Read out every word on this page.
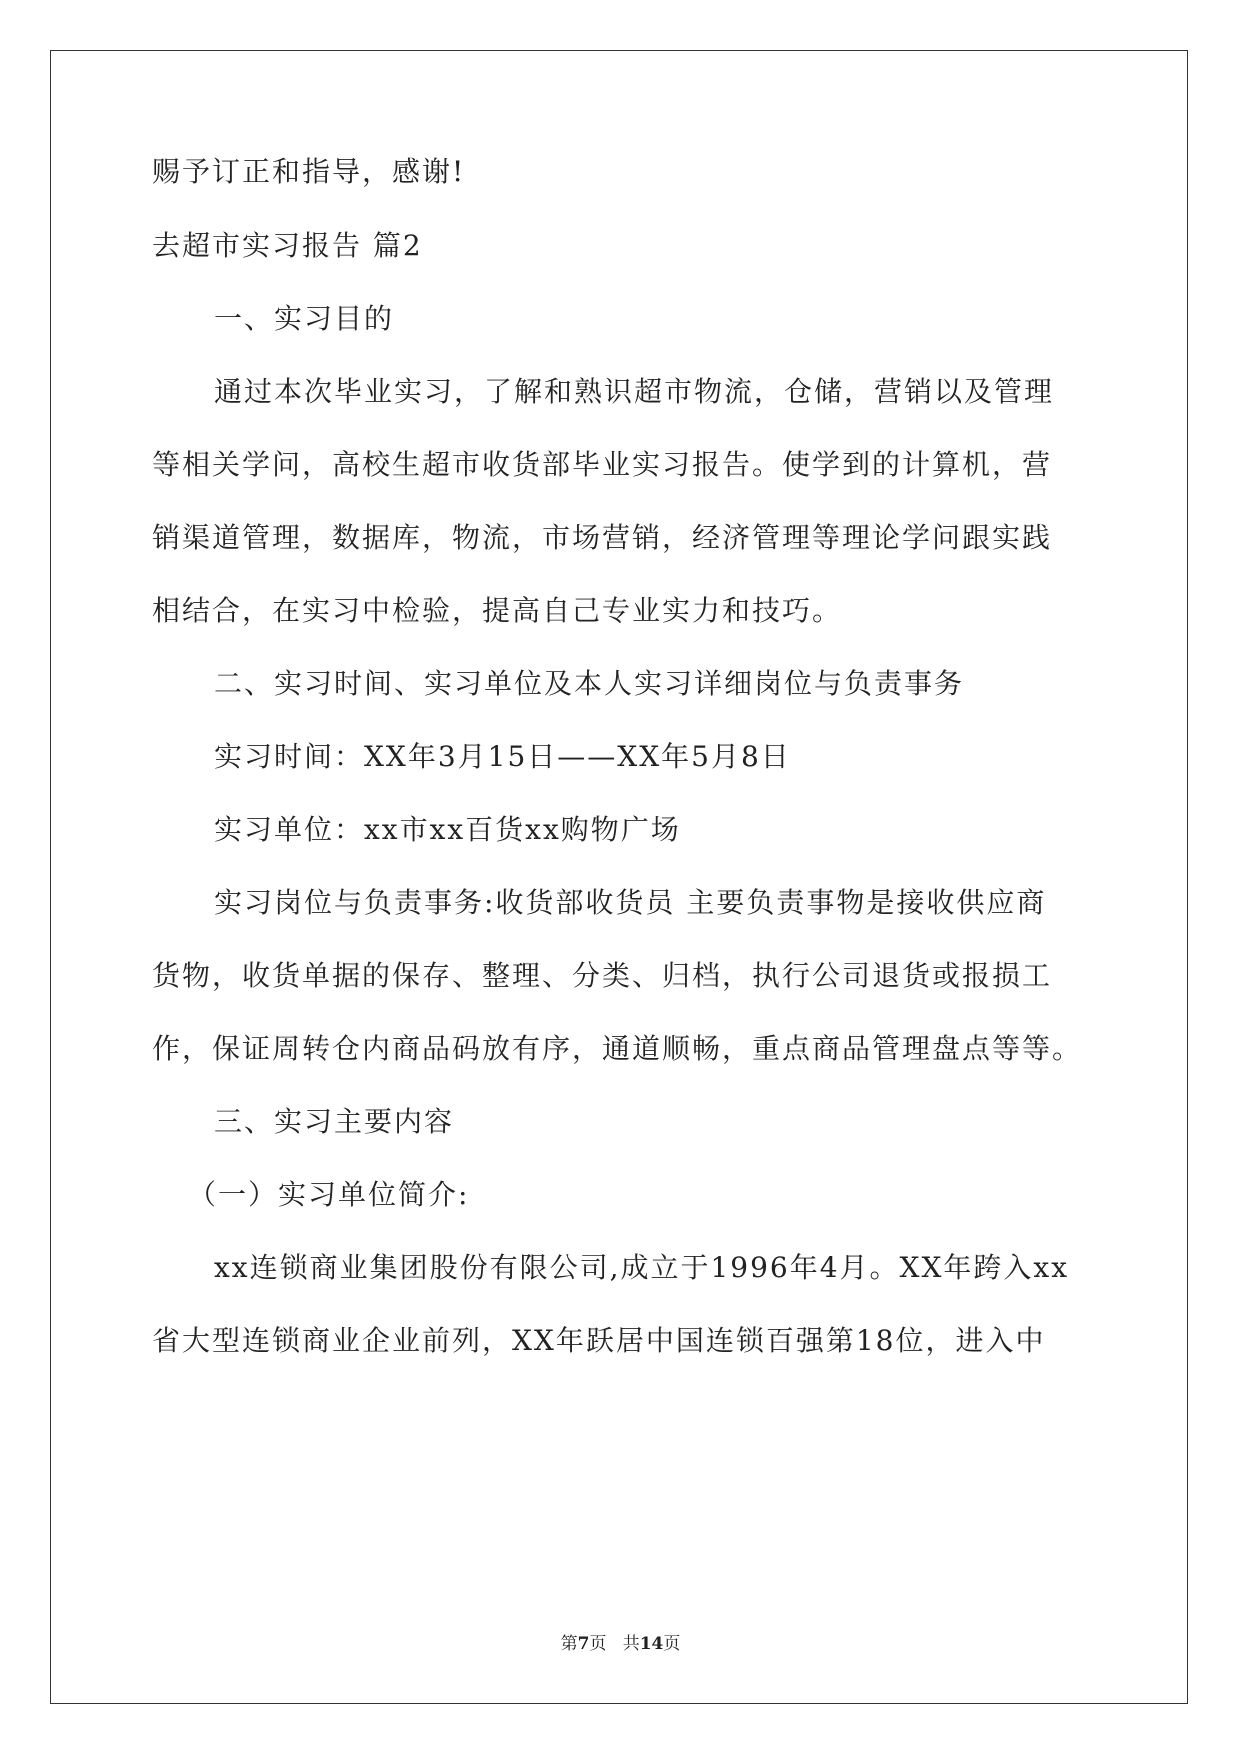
赐予订正和指导，感谢!
去超市实习报告 篇2
一、实习目的
通过本次毕业实习，了解和熟识超市物流，仓储，营销以及管理
等相关学问，高校生超市收货部毕业实习报告。使学到的计算机，营
销渠道管理，数据库，物流，市场营销，经济管理等理论学问跟实践
相结合，在实习中检验，提高自己专业实力和技巧。
二、实习时间、实习单位及本人实习详细岗位与负责事务
实习时间：XX年3月15日——XX年5月8日
实习单位：xx市xx百货xx购物广场
实习岗位与负责事务:收货部收货员 主要负责事物是接收供应商
货物，收货单据的保存、整理、分类、归档，执行公司退货或报损工
作，保证周转仓内商品码放有序，通道顺畅，重点商品管理盘点等等。
三、实习主要内容
（一）实习单位简介:
xx连锁商业集团股份有限公司,成立于1996年4月。XX年跨入xx
省大型连锁商业企业前列，XX年跃居中国连锁百强第18位，进入中
第7页 共14页
